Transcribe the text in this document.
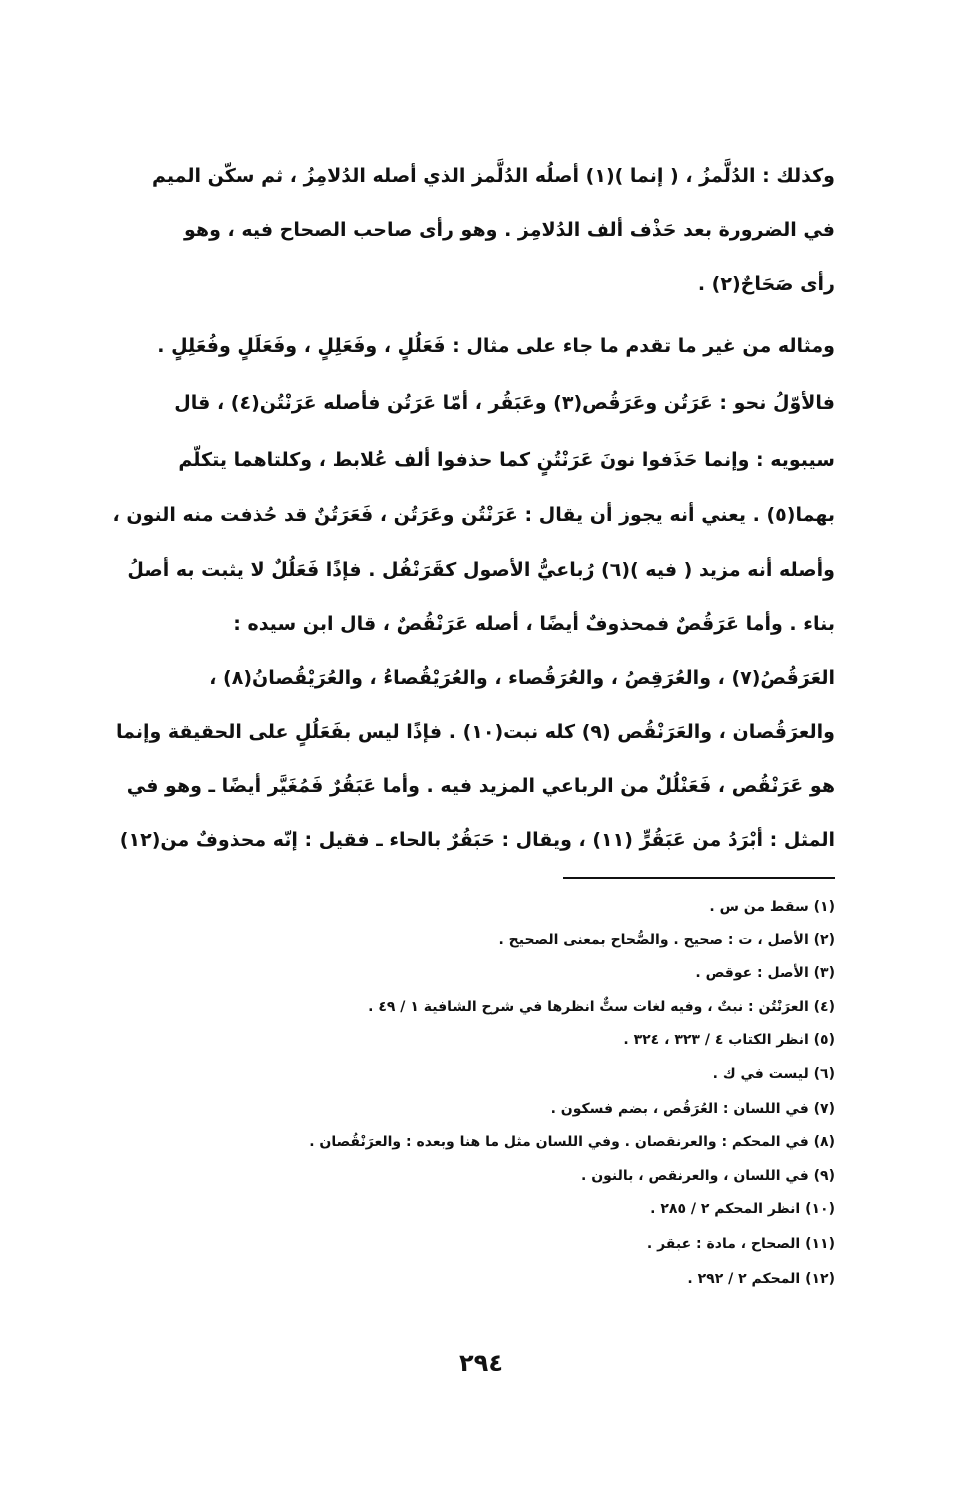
وكذلك : الدُلَّمزُ ، ( إنما )(١) أصلُه الدُلَّمز الذي أصله الدُلامِزُ ، ثم سكّن الميم
في الضرورة بعد حَذْف ألف الدُلامِز . وهو رأى صاحب الصحاح فيه ، وهو
رأى صَحَاحٌ(٢) .
ومثاله من غير ما تقدم ما جاء على مثال : فَعَلُلٍ ، وفَعَلِلٍ ، وفَعَلَلٍ وفُعَلِلٍ .
فالأوّلُ نحو : عَرَتُن وعَرَقُص(٣) وعَبَقُر ، أمّا عَرَتُن فأصله عَرَنْتُن(٤) ، قال
سيبويه : وإنما حَذَفوا نونَ عَرَنْتُنٍ كما حذفوا ألف عُلابط ، وكلتاهما يتكلّم
بهما(٥) . يعني أنه يجوز أن يقال : عَرَنْتُن وعَرَتُن ، فَعَرَتُنٌ قد حُذفت منه النون ،
وأصله أنه مزيد ( فيه )(٦) رُباعيُّ الأصول كقَرَنْفُل . فإذًا فَعَلُلٌ لا يثبت به أصلُ
بناء . وأما عَرَقُصٌ فمحذوفٌ أيضًا ، أصله عَرَنْقُصٌ ، قال ابن سيده :
العَرَقُصُ(٧) ، والعُرَقِصُ ، والعُرَقُصاء ، والعُرَيْقُصاءُ ، والعُرَيْقُصانُ(٨) ،
والعرَقُصان ، والعَرَنْقُص (٩) كله نبت(١٠) . فإذًا ليس بفَعَلُلٍ على الحقيقة وإنما
هو عَرَنْقُص ، فَعَنْلُلٌ من الرباعي المزيد فيه . وأما عَبَقُرٌ فَمُغَيَّر أيضًا ـ وهو في
المثل : أبْرَدُ من عَبَقُرٍّ (١١) ، ويقال : حَبَقُرٌ بالحاء ـ فقيل : إنّه محذوفٌ من(١٢)
(١) سقط من س .
(٢) الأصل ، ت : صحيح . والصُّحاح بمعنى الصحيح .
(٣) الأصل : عوقص .
(٤) العرَنْتُن : نبتٌ ، وفيه لغات ستٌّ انظرها في شرح الشافية ١ / ٤٩ .
(٥) انظر الكتاب ٤ / ٣٢٣ ، ٣٢٤ .
(٦) ليست في ك .
(٧) في اللسان : العُرَقُص ، بضم فسكون .
(٨) في المحكم : والعرنقصان . وفي اللسان مثل ما هنا وبعده : والعرَنْقُصان .
(٩) في اللسان ، والعرنقص ، بالنون .
(١٠) انظر المحكم ٢ / ٢٨٥ .
(١١) الصحاح ، مادة : عبقر .
(١٢) المحكم ٢ / ٢٩٢ .
٢٩٤
